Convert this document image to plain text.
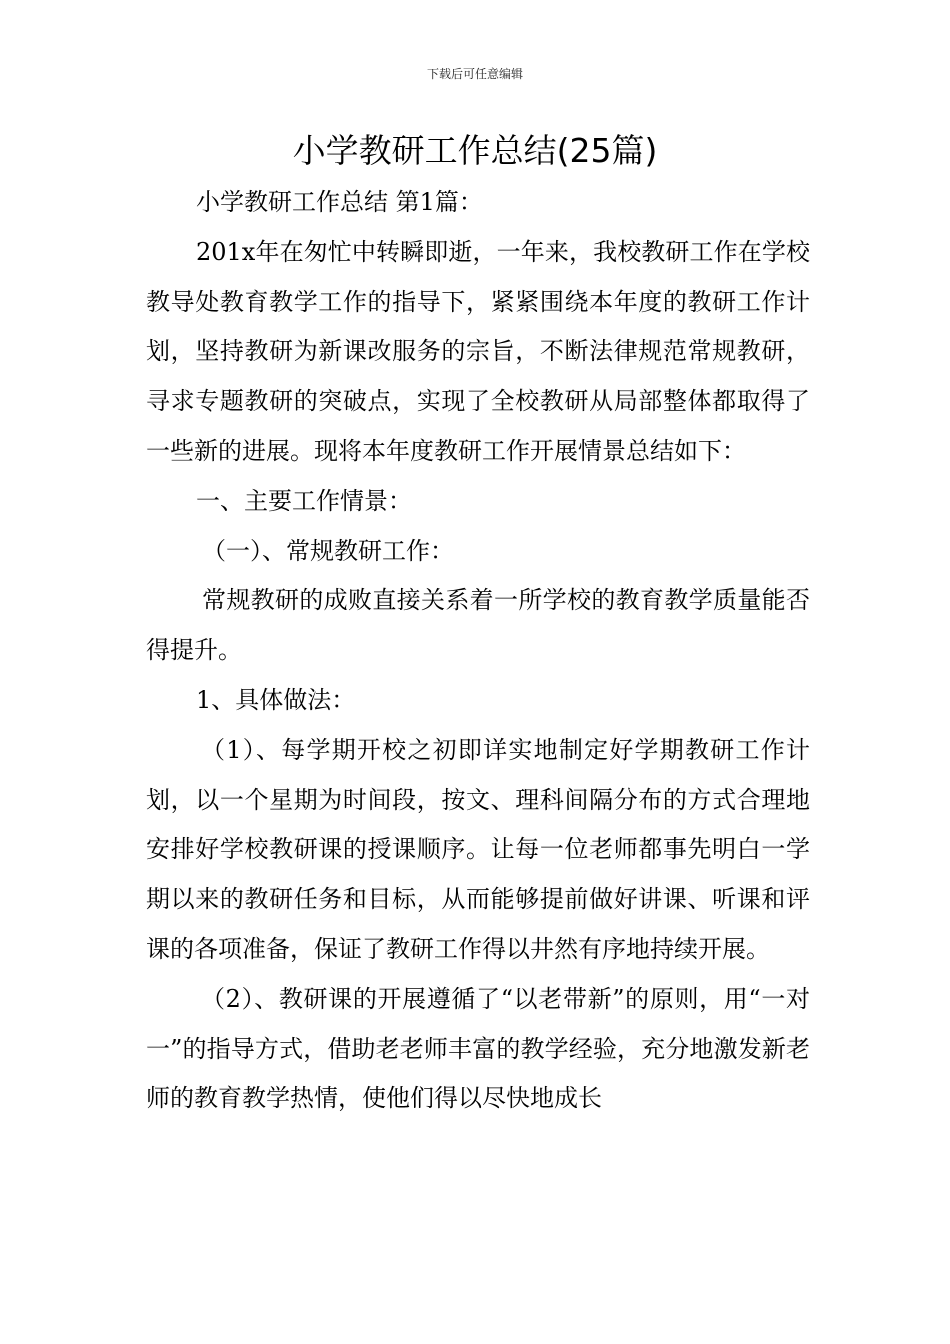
下载后可任意编辑
小学教研工作总结(25篇)

小学教研工作总结 第1篇：

201x年在匆忙中转瞬即逝，一年来，我校教研工作在学校教导处教育教学工作的指导下，紧紧围绕本年度的教研工作计划，坚持教研为新课改服务的宗旨，不断法律规范常规教研，寻求专题教研的突破点，实现了全校教研从局部整体都取得了一些新的进展。现将本年度教研工作开展情景总结如下：

一、主要工作情景：

（一）、常规教研工作：

常规教研的成败直接关系着一所学校的教育教学质量能否得提升。

1、具体做法：

（1）、每学期开校之初即详实地制定好学期教研工作计划，以一个星期为时间段，按文、理科间隔分布的方式合理地安排好学校教研课的授课顺序。让每一位老师都事先明白一学期以来的教研任务和目标，从而能够提前做好讲课、听课和评课的各项准备，保证了教研工作得以井然有序地持续开展。

（2）、教研课的开展遵循了“以老带新”的原则，用“一对一”的指导方式，借助老老师丰富的教学经验，充分地激发新老师的教育教学热情，使他们得以尽快地成长
